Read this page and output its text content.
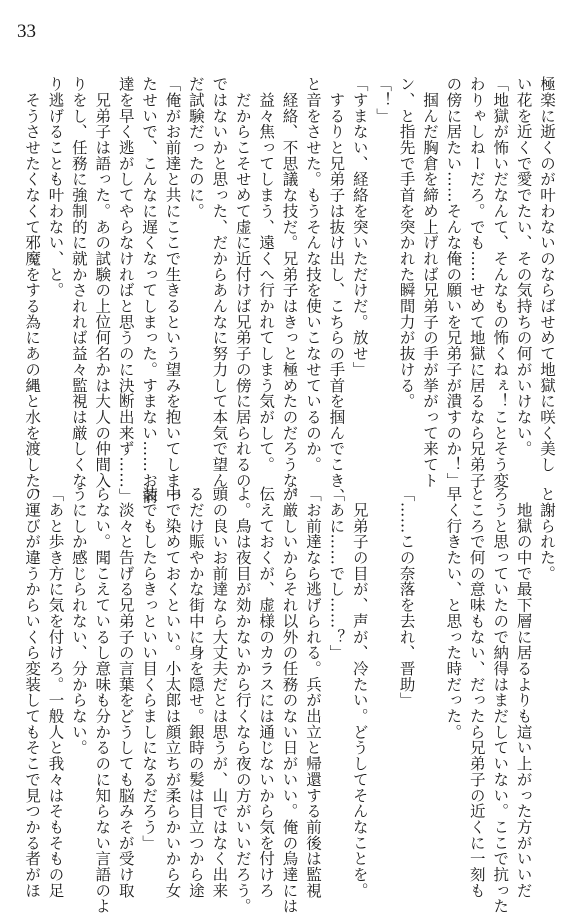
33
極楽に逝くのが叶わないのならばせめて地獄に咲く美し
い花を近くで愛でたい、その気持ちの何がいけない。
「地獄が怖いだなんて、そんなもの怖くねぇ！ことそう変
わりゃしねーだろ。でも……せめて地獄に居るなら兄弟子
の傍に居たい……そんな俺の願いを兄弟子が潰すのか！」
　掴んだ胸倉を締め上げれば兄弟子の手が挙がって来てト
ン、と指先で手首を突かれた瞬間力が抜ける。
「！」
「すまない、経絡を突いただけだ。放せ」
　するりと兄弟子は抜け出し、こちらの手首を掴んでこき、
と音をさせた。もうそんな技を使いこなせているのか。
　経絡、不思議な技だ。兄弟子はきっと極めたのだろうな。
　益々焦ってしまう、遠くへ行かれてしまう気がして。
　だからこそせめて虚に近付けば兄弟子の傍に居られるの
ではないかと思った、だからあんなに努力して本気で望ん
だ試験だったのに。
「俺がお前達と共にここで生きるという望みを抱いてしまっ
たせいで、こんなに遅くなってしまった。すまない……お前
達を早く逃がしてやらなければと思うのに決断出来ず……」
　兄弟子は語った。あの試験の上位何名かは大人の仲間入
りをし、任務に強制的に就かされれば益々監視は厳しくな
り逃げることも叶わない、と。
　そうさせたくなくて邪魔をする為にあの縄と水を渡した、
と謝られた。
　地獄の中で最下層に居るよりも這い上がった方がいいだ
ろうと思っていたので納得はまだしていない。ここで抗った
ところで何の意味もない、だったら兄弟子の近くに一刻も
早く行きたい、と思った時だった。

「……この奈落を去れ、晋助」

　兄弟子の目が、声が、冷たい。どうしてそんなことを。
「あに……でし……？」
「お前達なら逃げられる。兵が出立と帰還する前後は監視
が厳しいからそれ以外の任務のない日がいい。俺の烏達には
伝えておくが、虚様のカラスには通じないから気を付けろ
よ。鳥は夜目が効かないから行くなら夜の方がいいだろう。
頭の良いお前達なら大丈夫だとは思うが、山ではなく出来
るだけ賑やかな街中に身を隠せ。銀時の髪は目立つから途
中で染めておくといい。小太郎は顔立ちが柔らかいから女
装でもしたらきっといい目くらましになるだろう」
　淡々と告げる兄弟子の言葉をどうしても脳みそが受け取
らない。聞こえているし意味も分かるのに知らない言語のよ
うにしか感じられない、分からない。
「あと歩き方に気を付けろ。一般人と我々はそもそもの足
の運びが違うからいくら変装してもそこで見つかる者がほ
